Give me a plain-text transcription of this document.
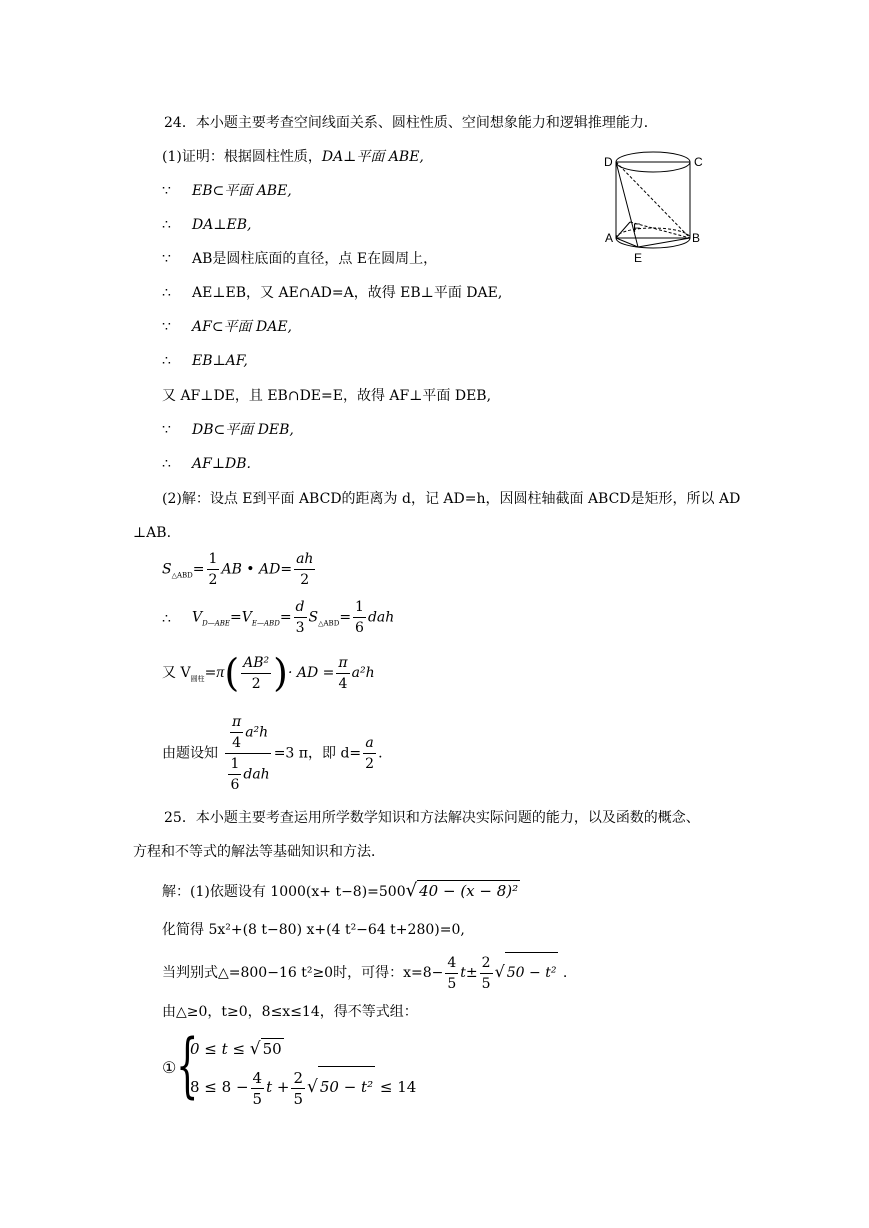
24．本小题主要考查空间线面关系、圆柱性质、空间想象能力和逻辑推理能力．
(1)证明：根据圆柱性质，DA⊥平面 ABE,
∵ EB⊂平面 ABE,
∴ DA⊥EB,
∵ AB是圆柱底面的直径，点 E在圆周上，
∴ AE⊥EB，又 AE∩AD=A，故得 EB⊥平面 DAE,
∵ AF⊂平面 DAE,
∴ EB⊥AF,
又 AF⊥DE，且 EB∩DE=E，故得 AF⊥平面 DEB,
∵ DB⊂平面 DEB,
∴ AF⊥DB.
(2)解：设点 E到平面 ABCD的距离为 d，记 AD=h，因圆柱轴截面 ABCD是矩形，所以 AD
⊥AB.
$S_{\triangle ABD}= \frac{1}{2}$ AB • $AD= \frac{ah}{2}$
∴ $V_{D—ABE}=V_{E—ABD}= \frac{d}{3} S_{\triangle ABD}= \frac{1}{6}$ dah
又 $V_{圆柱}=\pi( \frac{\text{AB²}}{2}$ )· AD = $\frac{\pi}{4} a^2h$
由题设知 $\frac{\frac{\pi}{4} a^2h}{\frac{1}{6} dah} =3$ π，即 $d= \frac{a}{2}$ .
25．本小题主要考查运用所学数学知识和方法解决实际问题的能力，以及函数的概念、
方程和不等式的解法等基础知识和方法．
解：(1)依题设有 1000(x+ t−8)=500√ 40 − (x − 8)²
化简得 5x²+(8 t−80) x+(4 t²−64 t+280)=0,
当判别式△=800−16 t²≥0时，可得：$x=8- \frac{4}{5} t\pm \frac{2}{5}$ √ 50 − t² .
由△≥0，t≥0，8≤x≤14，得不等式组：
① {
0 ≤ t ≤ √ 50
$8 \le 8 - \frac{4}{5}$ $t + \frac{2}{5}$ √ 50 − t² ≤ 14
D	C
A	B
F
E
